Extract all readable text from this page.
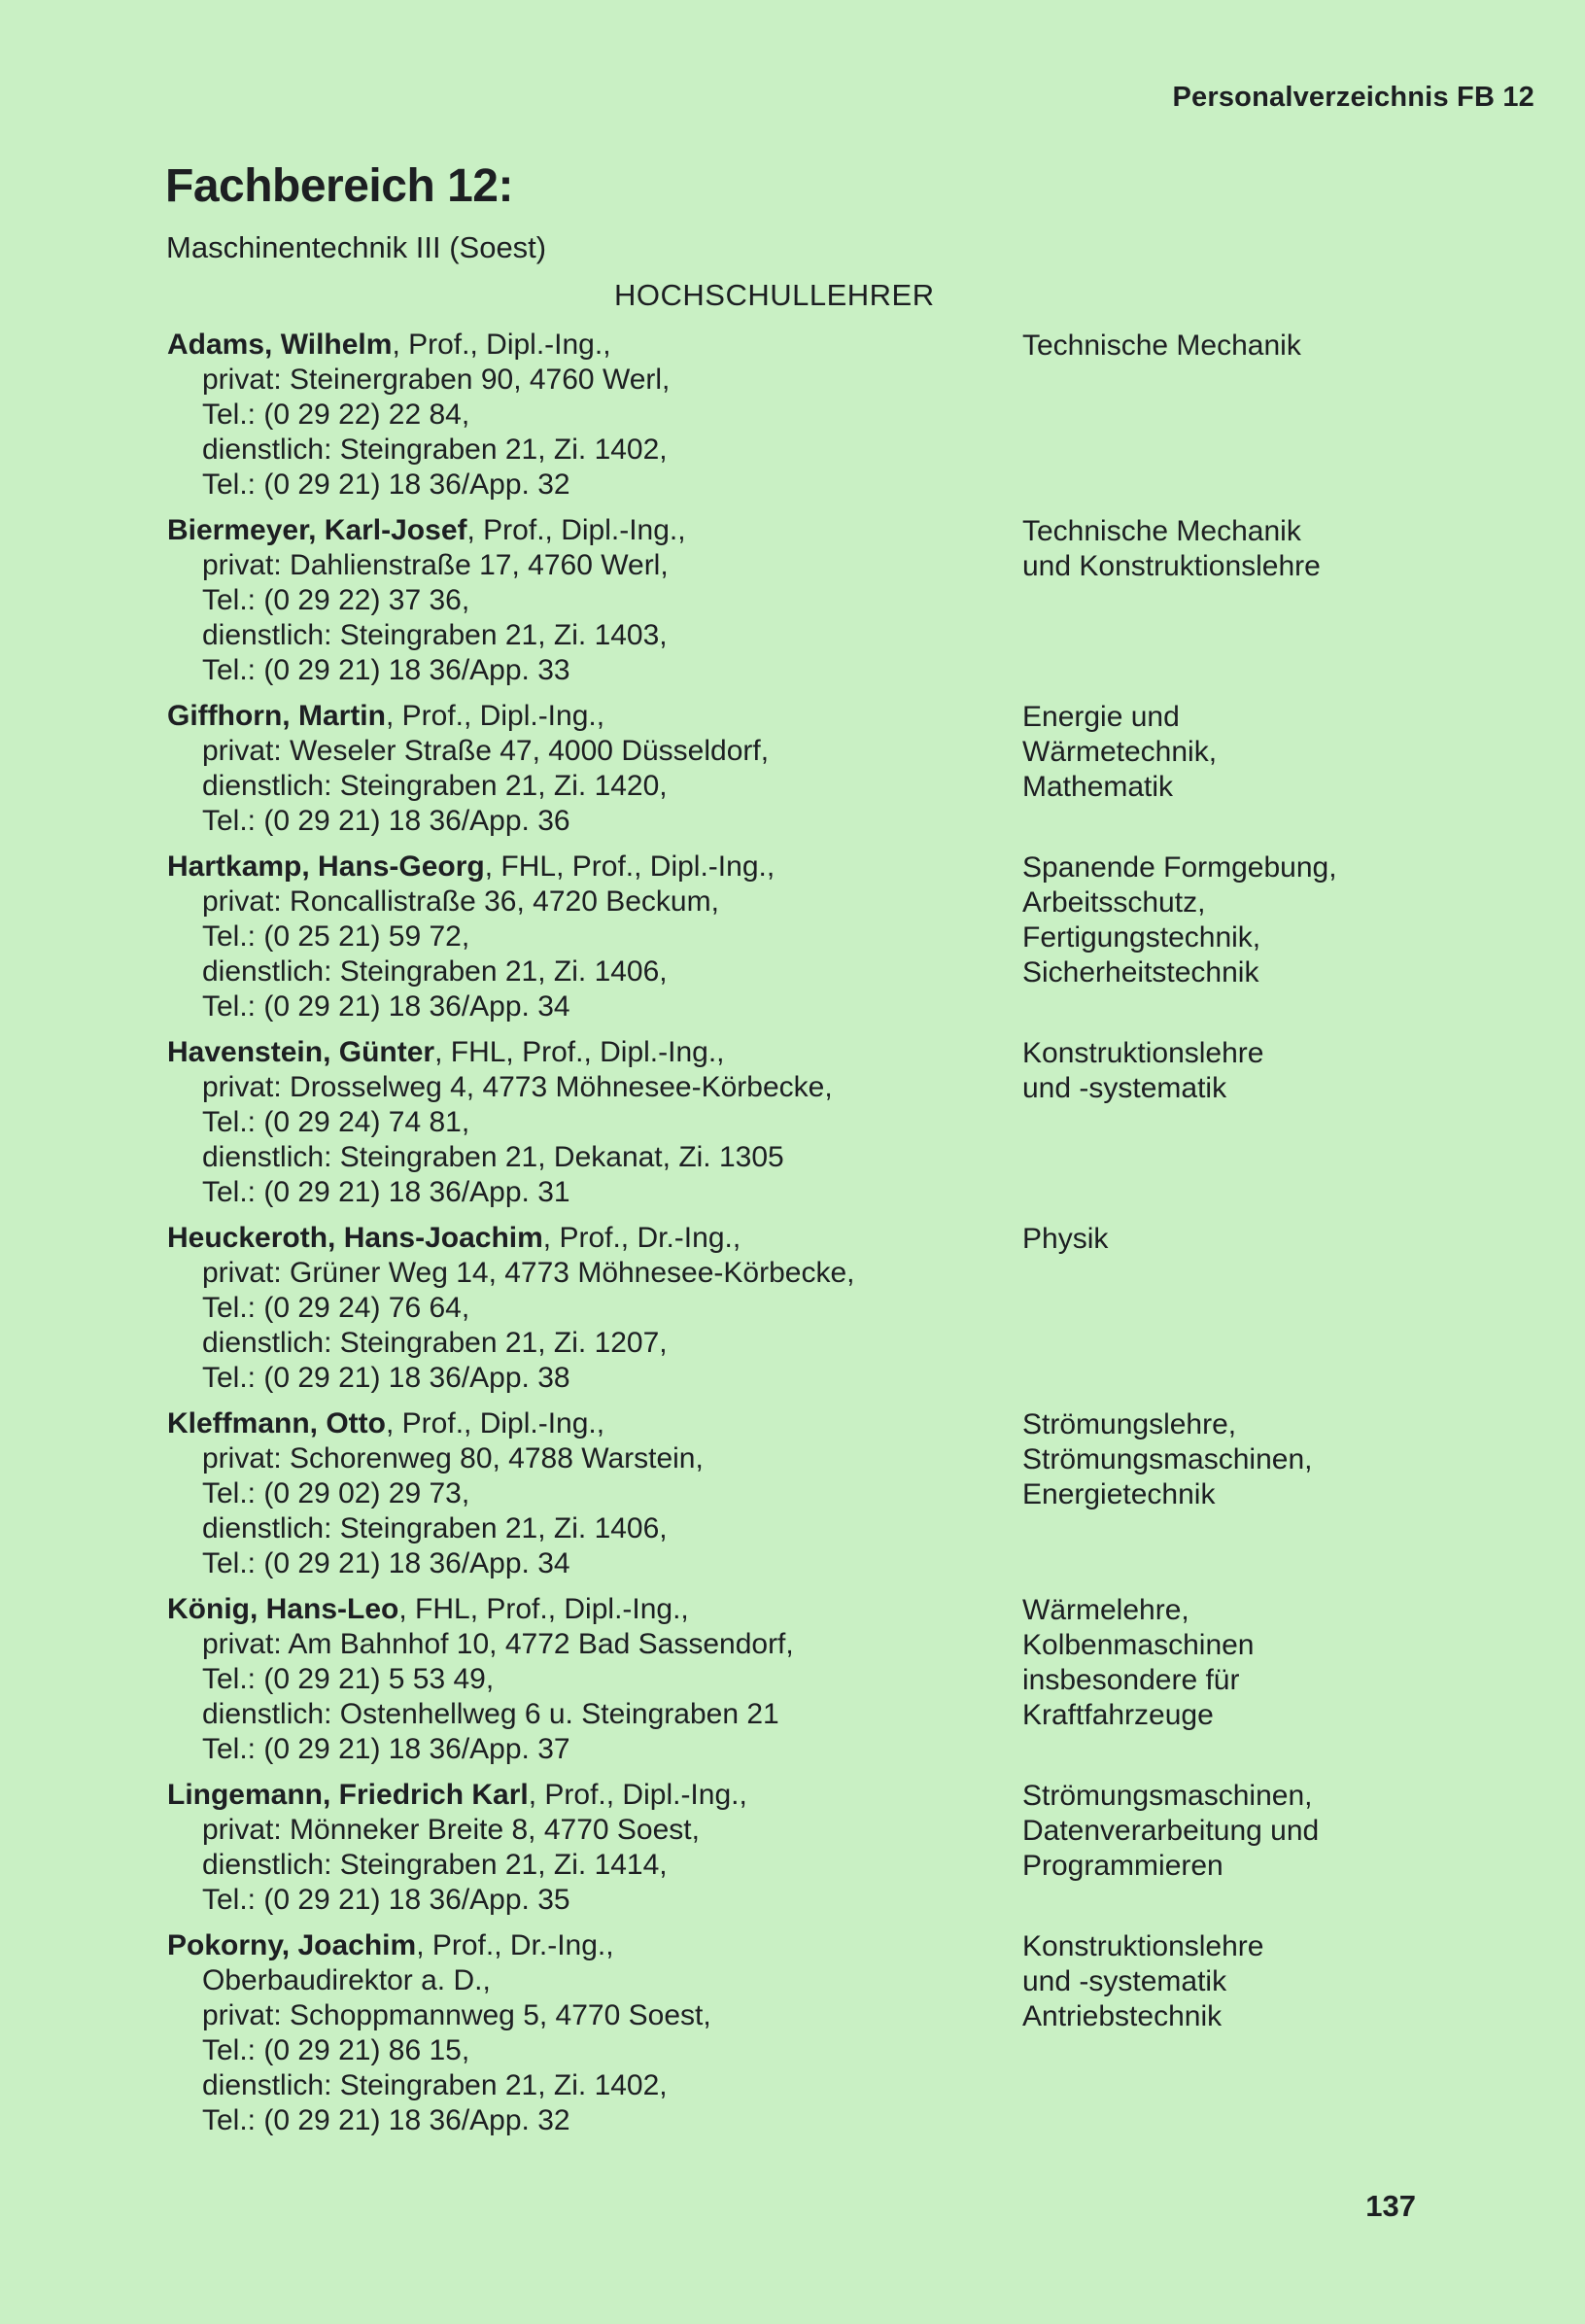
Personalverzeichnis FB 12
Fachbereich 12:
Maschinentechnik III (Soest)
HOCHSCHULLEHRER
Adams, Wilhelm, Prof., Dipl.-Ing.,
privat: Steinergraben 90, 4760 Werl,
Tel.: (0 29 22) 22 84,
dienstlich: Steingraben 21, Zi. 1402,
Tel.: (0 29 21) 18 36/App. 32
Technische Mechanik
Biermeyer, Karl-Josef, Prof., Dipl.-Ing.,
privat: Dahlienstraße 17, 4760 Werl,
Tel.: (0 29 22) 37 36,
dienstlich: Steingraben 21, Zi. 1403,
Tel.: (0 29 21) 18 36/App. 33
Technische Mechanik
und Konstruktionslehre
Giffhorn, Martin, Prof., Dipl.-Ing.,
privat: Weseler Straße 47, 4000 Düsseldorf,
dienstlich: Steingraben 21, Zi. 1420,
Tel.: (0 29 21) 18 36/App. 36
Energie und
Wärmetechnik,
Mathematik
Hartkamp, Hans-Georg, FHL, Prof., Dipl.-Ing.,
privat: Roncallistraße 36, 4720 Beckum,
Tel.: (0 25 21) 59 72,
dienstlich: Steingraben 21, Zi. 1406,
Tel.: (0 29 21) 18 36/App. 34
Spanende Formgebung,
Arbeitsschutz,
Fertigungstechnik,
Sicherheitstechnik
Havenstein, Günter, FHL, Prof., Dipl.-Ing.,
privat: Drosselweg 4, 4773 Möhnesee-Körbecke,
Tel.: (0 29 24) 74 81,
dienstlich: Steingraben 21, Dekanat, Zi. 1305
Tel.: (0 29 21) 18 36/App. 31
Konstruktionslehre
und -systematik
Heuckeroth, Hans-Joachim, Prof., Dr.-Ing.,
privat: Grüner Weg 14, 4773 Möhnesee-Körbecke,
Tel.: (0 29 24) 76 64,
dienstlich: Steingraben 21, Zi. 1207,
Tel.: (0 29 21) 18 36/App. 38
Physik
Kleffmann, Otto, Prof., Dipl.-Ing.,
privat: Schorenweg 80, 4788 Warstein,
Tel.: (0 29 02) 29 73,
dienstlich: Steingraben 21, Zi. 1406,
Tel.: (0 29 21) 18 36/App. 34
Strömungslehre,
Strömungsmaschinen,
Energietechnik
König, Hans-Leo, FHL, Prof., Dipl.-Ing.,
privat: Am Bahnhof 10, 4772 Bad Sassendorf,
Tel.: (0 29 21) 5 53 49,
dienstlich: Ostenhellweg 6 u. Steingraben 21
Tel.: (0 29 21) 18 36/App. 37
Wärmelehre,
Kolbenmaschinen
insbesondere für
Kraftfahrzeuge
Lingemann, Friedrich Karl, Prof., Dipl.-Ing.,
privat: Mönneker Breite 8, 4770 Soest,
dienstlich: Steingraben 21, Zi. 1414,
Tel.: (0 29 21) 18 36/App. 35
Strömungsmaschinen,
Datenverarbeitung und
Programmieren
Pokorny, Joachim, Prof., Dr.-Ing.,
Oberbaudirektor a. D.,
privat: Schoppmannweg 5, 4770 Soest,
Tel.: (0 29 21) 86 15,
dienstlich: Steingraben 21, Zi. 1402,
Tel.: (0 29 21) 18 36/App. 32
Konstruktionslehre
und -systematik
Antriebstechnik
137
